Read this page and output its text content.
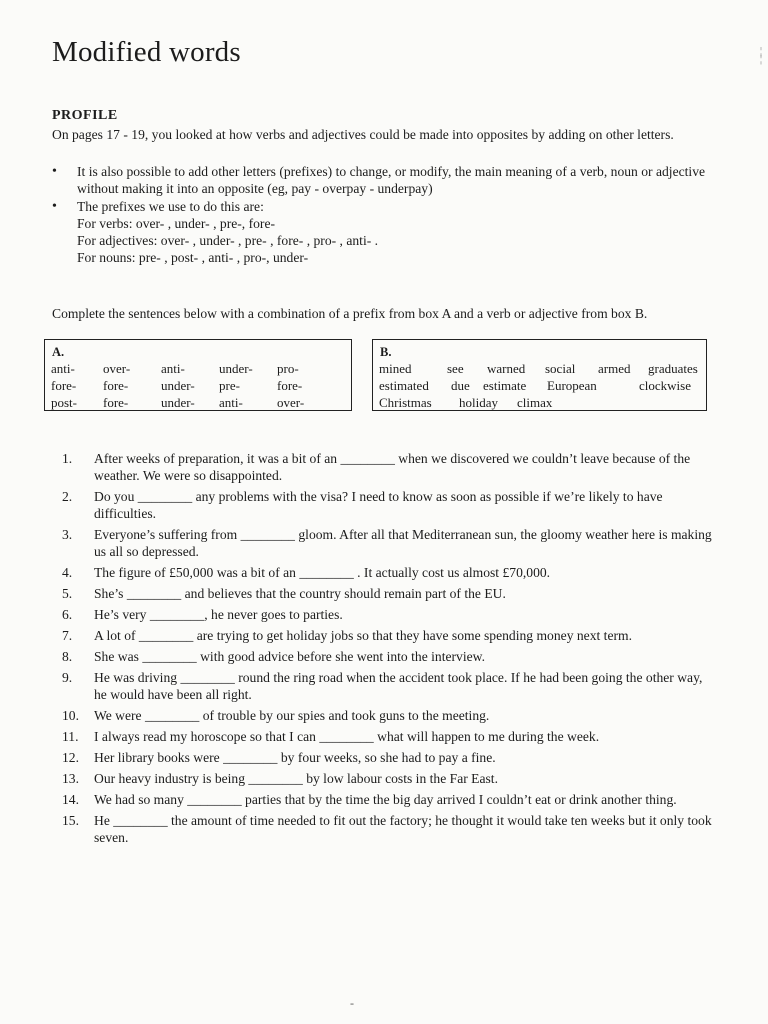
Modified words
PROFILE
On pages 17 - 19, you looked at how verbs and adjectives could be made into opposites by adding on other letters.
• It is also possible to add other letters (prefixes) to change, or modify, the main meaning of a verb, noun or adjective without making it into an opposite (eg, pay - overpay - underpay)
• The prefixes we use to do this are:
For verbs: over- , under- , pre-, fore-
For adjectives: over- , under- , pre- , fore- , pro- , anti- .
For nouns: pre- , post- , anti- , pro-, under-
Complete the sentences below with a combination of a prefix from box A and a verb or adjective from box B.
A.
anti-	over-	anti-	under-	pro-
fore-	fore-	under-	pre-	fore-
post-	fore-	under-	anti-	over-
B.
mined	see	warned	social	armed	graduates
estimated	due	estimate	European	clockwise
Christmas	holiday	climax
1. After weeks of preparation, it was a bit of an ________ when we discovered we couldn’t leave because of the weather. We were so disappointed.
2. Do you ________ any problems with the visa? I need to know as soon as possible if we’re likely to have difficulties.
3. Everyone’s suffering from ________ gloom. After all that Mediterranean sun, the gloomy weather here is making us all so depressed.
4. The figure of £50,000 was a bit of an ________ . It actually cost us almost £70,000.
5. She’s ________ and believes that the country should remain part of the EU.
6. He’s very ________, he never goes to parties.
7. A lot of ________ are trying to get holiday jobs so that they have some spending money next term.
8. She was ________ with good advice before she went into the interview.
9. He was driving ________ round the ring road when the accident took place. If he had been going the other way, he would have been all right.
10. We were ________ of trouble by our spies and took guns to the meeting.
11. I always read my horoscope so that I can ________ what will happen to me during the week.
12. Her library books were ________ by four weeks, so she had to pay a fine.
13. Our heavy industry is being ________ by low labour costs in the Far East.
14. We had so many ________ parties that by the time the big day arrived I couldn’t eat or drink another thing.
15. He ________ the amount of time needed to fit out the factory; he thought it would take ten weeks but it only took seven.
-
¦
¦
